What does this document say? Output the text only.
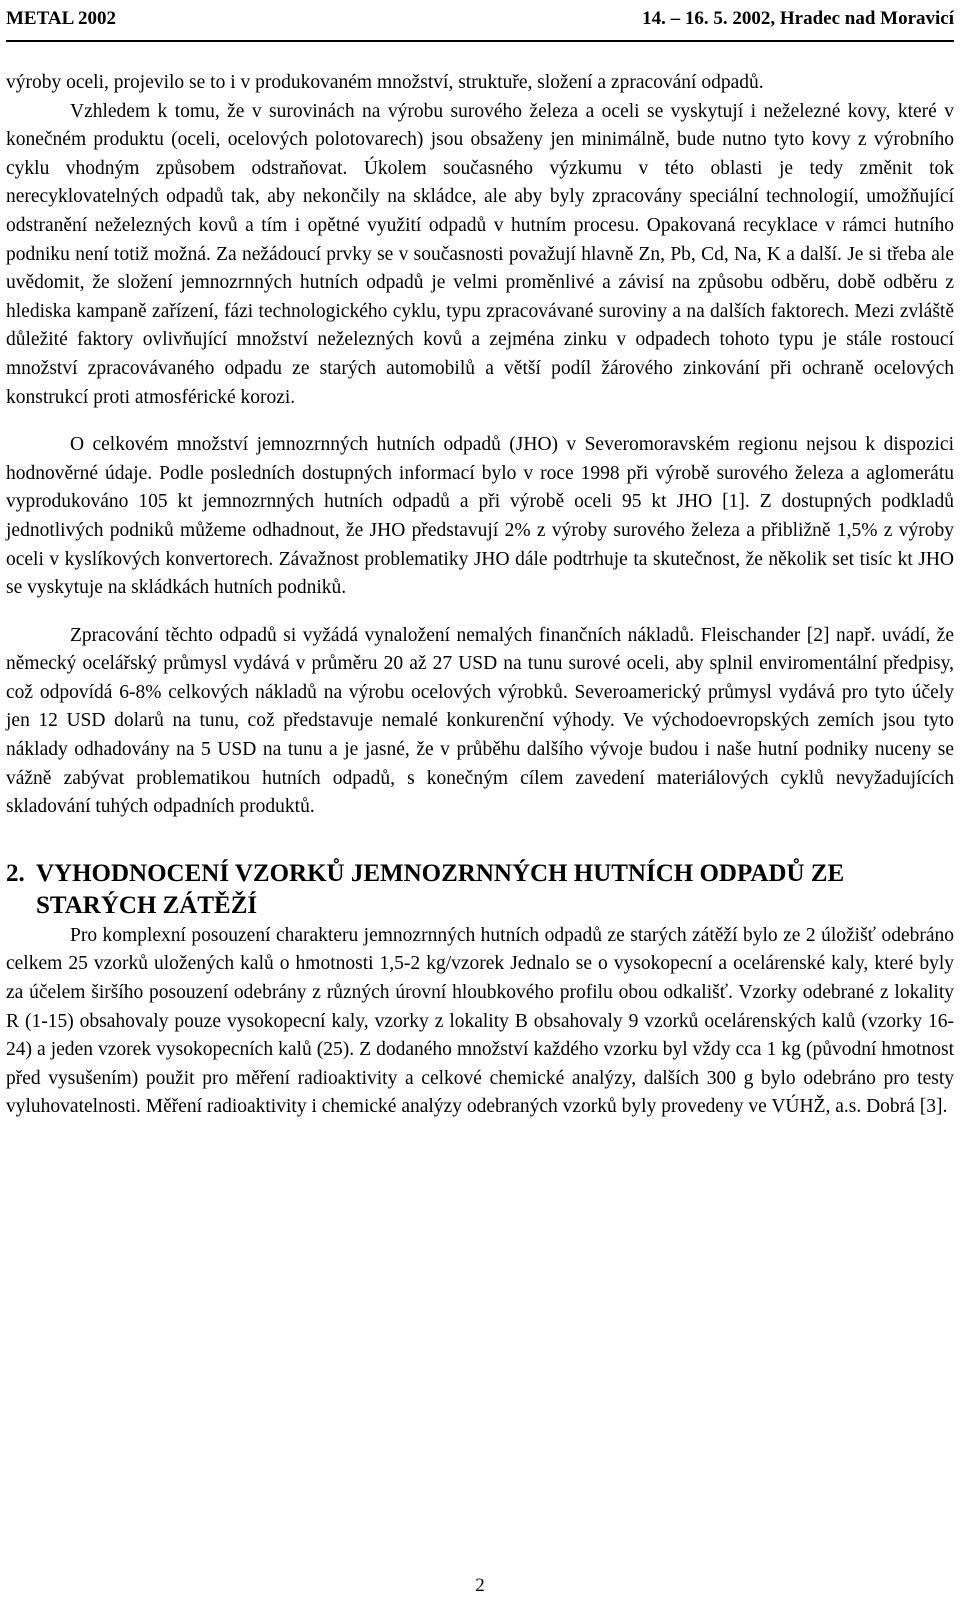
METAL 2002	14. – 16. 5. 2002, Hradec nad Moravicí

výroby oceli, projevilo se to i v produkovaném množství, struktuře, složení a zpracování odpadů.

Vzhledem k tomu, že v surovinách na výrobu surového železa a oceli se vyskytují i neželezné kovy, které v konečném produktu (oceli, ocelových polotovarech) jsou obsaženy jen minimálně, bude nutno tyto kovy z výrobního cyklu vhodným způsobem odstraňovat. Úkolem současného výzkumu v této oblasti je tedy změnit tok nerecyklovatelných odpadů tak, aby nekončily na skládce, ale aby byly zpracovány speciální technologií, umožňující odstranění neželezných kovů a tím i opětné využití odpadů v hutním procesu. Opakovaná recyklace v rámci hutního podniku není totiž možná. Za nežádoucí prvky se v současnosti považují hlavně Zn, Pb, Cd, Na, K a další. Je si třeba ale uvědomit, že složení jemnozrnných hutních odpadů je velmi proměnlivé a závisí na způsobu odběru, době odběru z hlediska kampaně zařízení, fázi technologického cyklu, typu zpracovávané suroviny a na dalších faktorech. Mezi zvláště důležité faktory ovlivňující množství neželezných kovů a zejména zinku v odpadech tohoto typu je stále rostoucí množství zpracovávaného odpadu ze starých automobilů a větší podíl žárového zinkování při ochraně ocelových konstrukcí proti atmosférické korozi.

O celkovém množství jemnozrnných hutních odpadů (JHO) v Severomoravském regionu nejsou k dispozici hodnověrné údaje. Podle posledních dostupných informací bylo v roce 1998 při výrobě surového železa a aglomerátu vyprodukováno 105 kt jemnozrnných hutních odpadů a při výrobě oceli 95 kt JHO [1]. Z dostupných podkladů jednotlivých podniků můžeme odhadnout, že JHO představují 2% z výroby surového železa a přibližně 1,5% z výroby oceli v kyslíkových konvertorech. Závažnost problematiky JHO dále podtrhuje ta skutečnost, že několik set tisíc kt JHO se vyskytuje na skládkách hutních podniků.

Zpracování těchto odpadů si vyžádá vynaložení nemalých finančních nákladů. Fleischander [2] např. uvádí, že německý ocelářský průmysl vydává v průměru 20 až 27 USD na tunu surové oceli, aby splnil enviromentální předpisy, což odpovídá 6-8% celkových nákladů na výrobu ocelových výrobků. Severoamerický průmysl vydává pro tyto účely jen 12 USD dolarů na tunu, což představuje nemalé konkurenční výhody. Ve východoevropských zemích jsou tyto náklady odhadovány na 5 USD na tunu a je jasné, že v průběhu dalšího vývoje budou i naše hutní podniky nuceny se vážně zabývat problematikou hutních odpadů, s konečným cílem zavedení materiálových cyklů nevyžadujících skladování tuhých odpadních produktů.

2. VYHODNOCENÍ VZORKŮ JEMNOZRNNÝCH HUTNÍCH ODPADŮ ZE STARÝCH ZÁTĚŽÍ

Pro komplexní posouzení charakteru jemnozrnných hutních odpadů ze starých zátěží bylo ze 2 úložišť odebráno celkem 25 vzorků uložených kalů o hmotnosti 1,5-2 kg/vzorek Jednalo se o vysokopecní a ocelárenské kaly, které byly za účelem širšího posouzení odebrány z různých úrovní hloubkového profilu obou odkališť. Vzorky odebrané z lokality R (1-15) obsahovaly pouze vysokopecní kaly, vzorky z lokality B obsahovaly 9 vzorků ocelárenských kalů (vzorky 16-24) a jeden vzorek vysokopecních kalů (25). Z dodaného množství každého vzorku byl vždy cca 1 kg (původní hmotnost před vysušením) použit pro měření radioaktivity a celkové chemické analýzy, dalších 300 g bylo odebráno pro testy vyluhovatelnosti. Měření radioaktivity i chemické analýzy odebraných vzorků byly provedeny ve VÚHŽ, a.s. Dobrá [3].

2
